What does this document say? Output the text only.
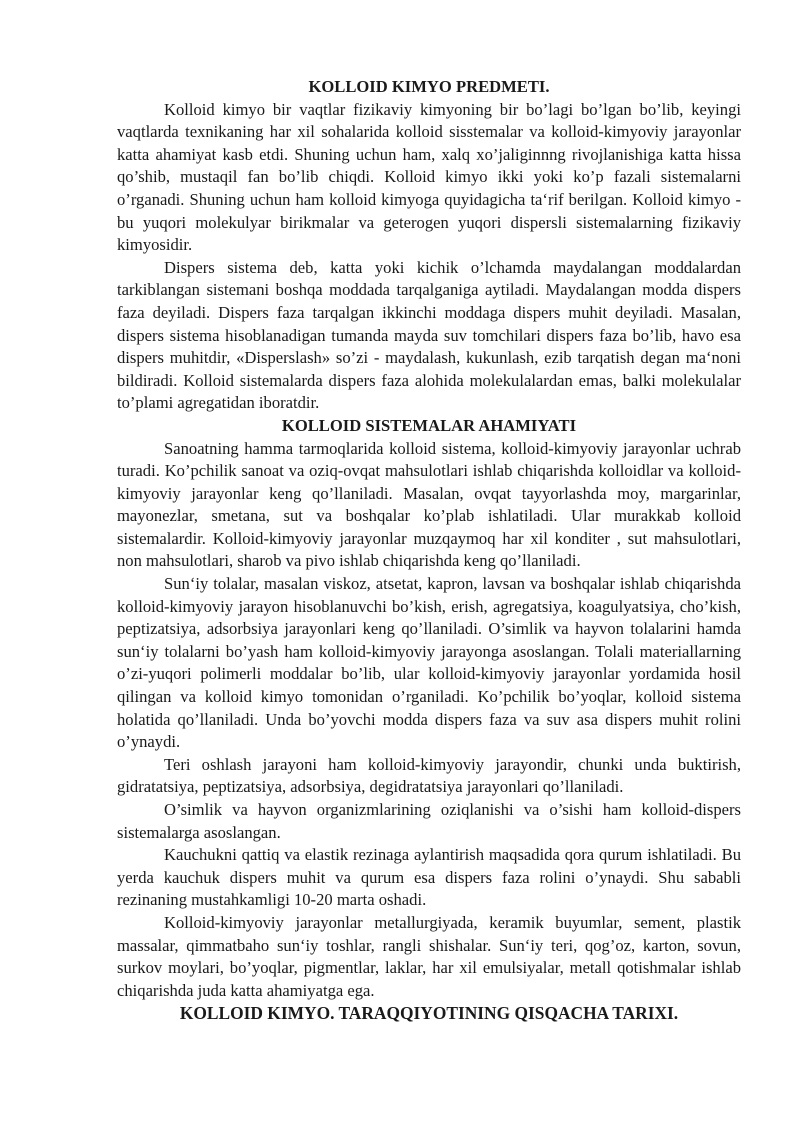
KOLLOID KIMYO PREDMETI.

Kolloid kimyo bir vaqtlar fizikaviy kimyoning bir bo’lagi bo’lgan bo’lib, keyingi vaqtlarda texnikaning har xil sohalarida kolloid sisstemalar va kolloid-kimyoviy jarayonlar katta ahamiyat kasb etdi. Shuning uchun ham, xalq xo’jaliginnng rivojlanishiga katta hissa qo’shib, mustaqil fan bo’lib chiqdi. Kolloid kimyo ikki yoki ko’p fazali sistemalarni o’rganadi. Shuning uchun ham kolloid kimyoga quyidagicha ta‘rif berilgan. Kolloid kimyo - bu yuqori molekulyar birikmalar va geterogen yuqori dispersli sistemalarning fizikaviy kimyosidir.

Dispers sistema deb, katta yoki kichik o’lchamda maydalangan moddalardan tarkiblangan sistemani boshqa moddada tarqalganiga aytiladi. Maydalangan modda dispers faza deyiladi. Dispers faza tarqalgan ikkinchi moddaga dispers muhit deyiladi. Masalan, dispers sistema hisoblanadigan tumanda mayda suv tomchilari dispers faza bo’lib, havo esa dispers muhitdir, «Disperslash» so’zi - maydalash, kukunlash, ezib tarqatish degan ma‘noni bildiradi. Kolloid sistemalarda dispers faza alohida molekulalardan emas, balki molekulalar to’plami agregatidan iboratdir.

KOLLOID SISTEMALAR AHAMIYATI

Sanoatning hamma tarmoqlarida kolloid sistema, kolloid-kimyoviy jarayonlar uchrab turadi. Ko’pchilik sanoat va oziq-ovqat mahsulotlari ishlab chiqarishda kolloidlar va kolloid-kimyoviy jarayonlar keng qo’llaniladi. Masalan, ovqat tayyorlashda moy, margarinlar, mayonezlar, smetana, sut va boshqalar ko’plab ishlatiladi. Ular murakkab kolloid sistemalardir. Kolloid-kimyoviy jarayonlar muzqaymoq har xil konditer , sut mahsulotlari, non mahsulotlari, sharob va pivo ishlab chiqarishda keng qo’llaniladi.

Sun‘iy tolalar, masalan viskoz, atsetat, kapron, lavsan va boshqalar ishlab chiqarishda kolloid-kimyoviy jarayon hisoblanuvchi bo’kish, erish, agregatsiya, koagulyatsiya, cho’kish, peptizatsiya, adsorbsiya jarayonlari keng qo’llaniladi. O’simlik va hayvon tolalarini hamda sun‘iy tolalarni bo’yash ham kolloid-kimyoviy jarayonga asoslangan. Tolali materiallarning o’zi-yuqori polimerli moddalar bo’lib, ular kolloid-kimyoviy jarayonlar yordamida hosil qilingan va kolloid kimyo tomonidan o’rganiladi. Ko’pchilik bo’yoqlar, kolloid sistema holatida qo’llaniladi. Unda bo’yovchi modda dispers faza va suv asa dispers muhit rolini o’ynaydi.

Teri oshlash jarayoni ham kolloid-kimyoviy jarayondir, chunki unda buktirish, gidratatsiya, peptizatsiya, adsorbsiya, degidratatsiya jarayonlari qo’llaniladi.

O’simlik va hayvon organizmlarining oziqlanishi va o’sishi ham kolloid-dispers sistemalarga asoslangan.

Kauchukni qattiq va elastik rezinaga aylantirish maqsadida qora qurum ishlatiladi. Bu yerda kauchuk dispers muhit va qurum esa dispers faza rolini o’ynaydi. Shu sababli rezinaning mustahkamligi 10-20 marta oshadi.

Kolloid-kimyoviy jarayonlar metallurgiyada, keramik buyumlar, sement, plastik massalar, qimmatbaho sun‘iy toshlar, rangli shishalar. Sun‘iy teri, qog’oz, karton, sovun, surkov moylari, bo’yoqlar, pigmentlar, laklar, har xil emulsiyalar, metall qotishmalar ishlab chiqarishda juda katta ahamiyatga ega.

KOLLOID KIMYO. TARAQQIYOTINING QISQACHA TARIXI.
